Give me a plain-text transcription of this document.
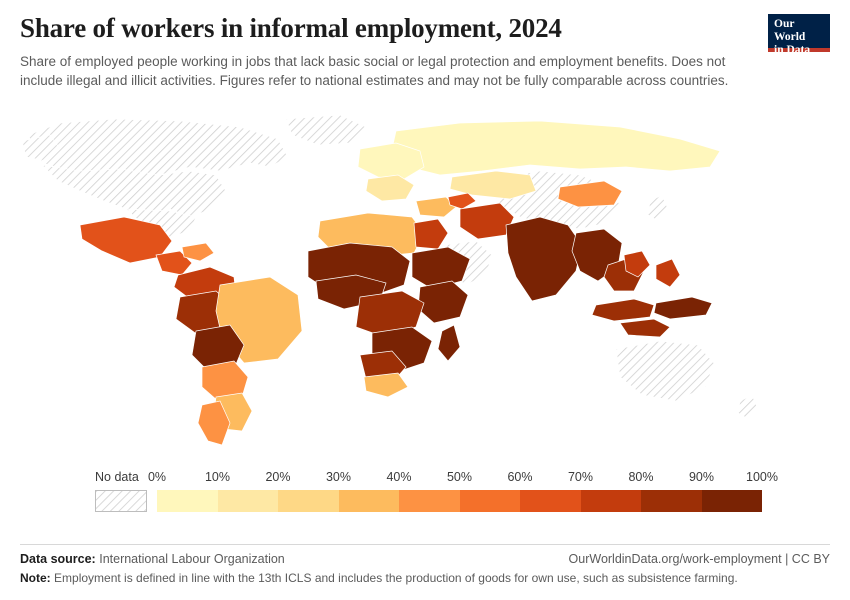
Share of workers in informal employment, 2024

Share of employed people working in jobs that lack basic social or legal protection and employment benefits. Does not include illegal and illicit activities. Figures refer to national estimates and may not be fully comparable across countries.

Our World
in Data
No data 0%	10%	20%	30%	40%	50%	60%	70%	80%	90%	100%
Data source: International Labour Organization	OurWorldinData.org/work-employment | CC BY
Note: Employment is defined in line with the 13th ICLS and includes the production of goods for own use, such as subsistence farming.
